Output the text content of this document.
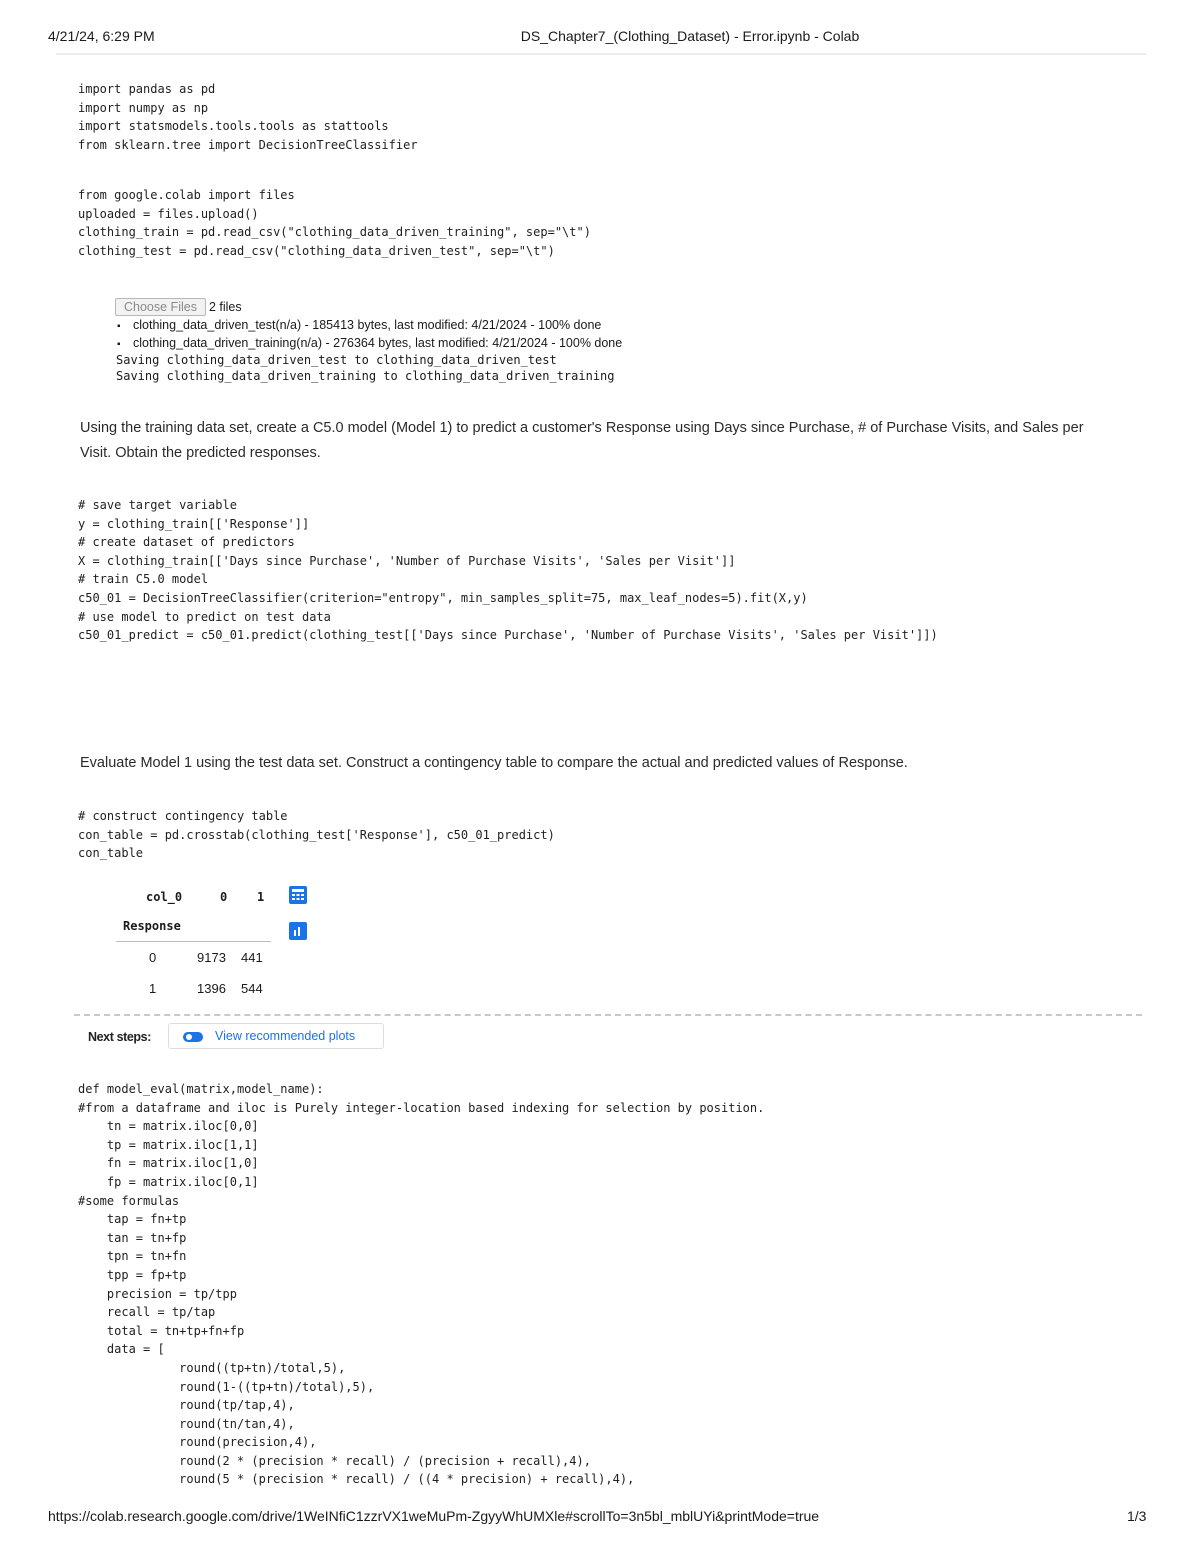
4/21/24, 6:29 PM	DS_Chapter7_(Clothing_Dataset) - Error.ipynb - Colab
import pandas as pd
import numpy as np
import statsmodels.tools.tools as stattools
from sklearn.tree import DecisionTreeClassifier
from google.colab import files
uploaded = files.upload()
clothing_train = pd.read_csv("clothing_data_driven_training", sep="\t")
clothing_test = pd.read_csv("clothing_data_driven_test", sep="\t")
Choose Files 2 files
▪ clothing_data_driven_test(n/a) - 185413 bytes, last modified: 4/21/2024 - 100% done
▪ clothing_data_driven_training(n/a) - 276364 bytes, last modified: 4/21/2024 - 100% done
Saving clothing_data_driven_test to clothing_data_driven_test
Saving clothing_data_driven_training to clothing_data_driven_training
Using the training data set, create a C5.0 model (Model 1) to predict a customer's Response using Days since Purchase, # of Purchase Visits, and Sales per Visit. Obtain the predicted responses.
# save target variable
y = clothing_train[['Response']]
# create dataset of predictors
X = clothing_train[['Days since Purchase', 'Number of Purchase Visits', 'Sales per Visit']]
# train C5.0 model
c50_01 = DecisionTreeClassifier(criterion="entropy", min_samples_split=75, max_leaf_nodes=5).fit(X,y)
# use model to predict on test data
c50_01_predict = c50_01.predict(clothing_test[['Days since Purchase', 'Number of Purchase Visits', 'Sales per Visit']])
Evaluate Model 1 using the test data set. Construct a contingency table to compare the actual and predicted values of Response.
# construct contingency table
con_table = pd.crosstab(clothing_test['Response'], c50_01_predict)
con_table
col_0	0 1
Response
0	9173 441
1	1396 544
Next steps:	View recommended plots
def model_eval(matrix,model_name):
#from a dataframe and iloc is Purely integer-location based indexing for selection by position.
tn = matrix.iloc[0,0]
tp = matrix.iloc[1,1]
fn = matrix.iloc[1,0]
fp = matrix.iloc[0,1]
#some formulas
tap = fn+tp
tan = tn+fp
tpn = tn+fn
tpp = fp+tp
precision = tp/tpp
recall = tp/tap
total = tn+tp+fn+fp
data = [
round((tp+tn)/total,5),
round(1-((tp+tn)/total),5),
round(tp/tap,4),
round(tn/tan,4),
round(precision,4),
round(2 * (precision * recall) / (precision + recall),4),
round(5 * (precision * recall) / ((4 * precision) + recall),4),
https://colab.research.google.com/drive/1WeINfiC1zzrVX1weMuPm-ZgyyWhUMXle#scrollTo=3n5bl_mblUYi&printMode=true	1/3
